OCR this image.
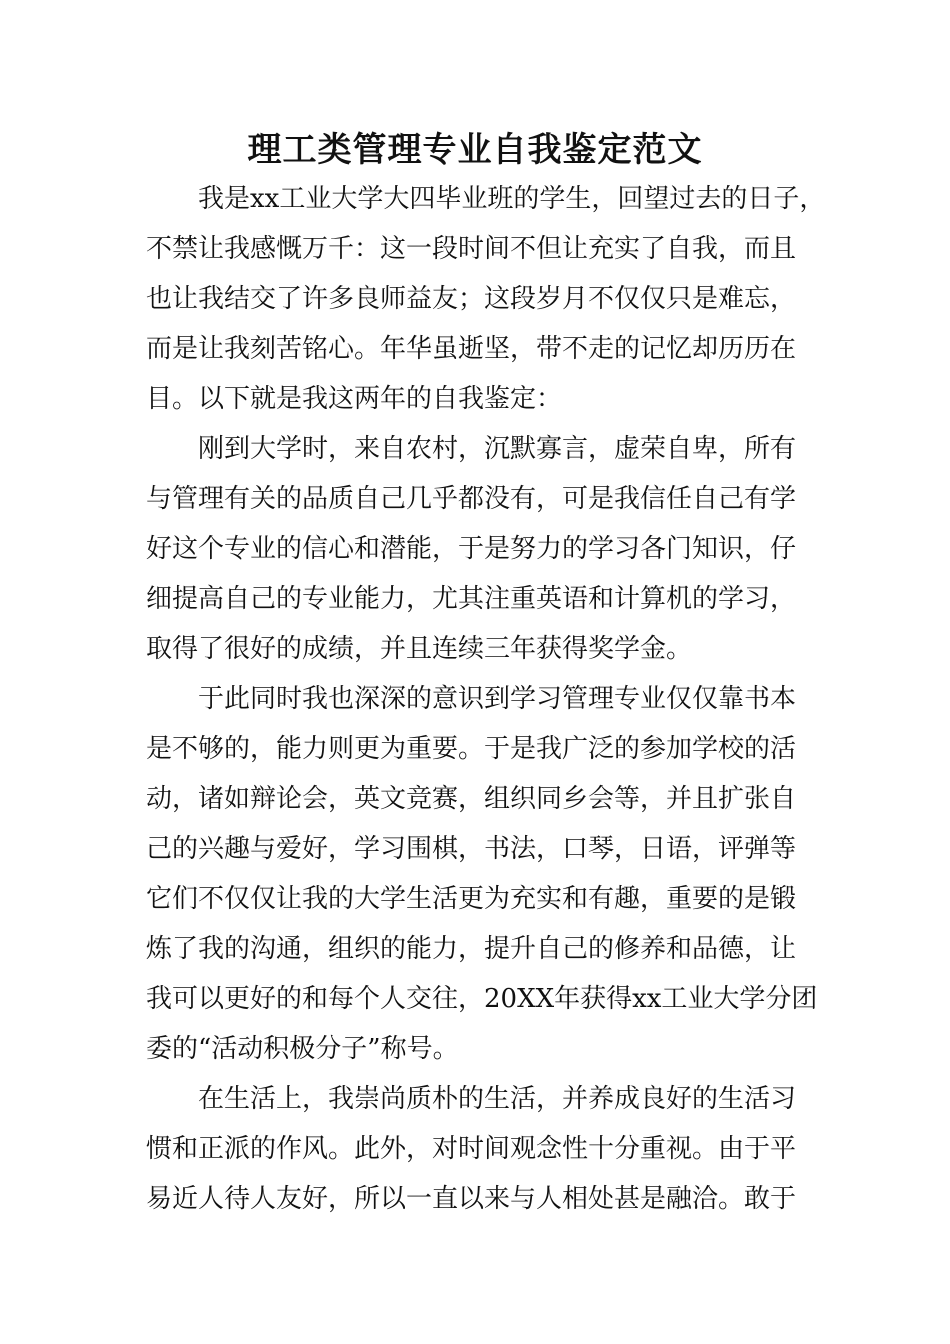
理工类管理专业自我鉴定范文
我是xx工业大学大四毕业班的学生，回望过去的日子，
不禁让我感慨万千：这一段时间不但让充实了自我，而且
也让我结交了许多良师益友；这段岁月不仅仅只是难忘，
而是让我刻苦铭心。年华虽逝坚，带不走的记忆却历历在
目。以下就是我这两年的自我鉴定：
刚到大学时，来自农村，沉默寡言，虚荣自卑，所有
与管理有关的品质自己几乎都没有，可是我信任自己有学
好这个专业的信心和潜能，于是努力的学习各门知识，仔
细提高自己的专业能力，尤其注重英语和计算机的学习，
取得了很好的成绩，并且连续三年获得奖学金。
于此同时我也深深的意识到学习管理专业仅仅靠书本
是不够的，能力则更为重要。于是我广泛的参加学校的活
动，诸如辩论会，英文竞赛，组织同乡会等，并且扩张自
己的兴趣与爱好，学习围棋，书法，口琴，日语，评弹等
它们不仅仅让我的大学生活更为充实和有趣，重要的是锻
炼了我的沟通，组织的能力，提升自己的修养和品德，让
我可以更好的和每个人交往，20XX年获得xx工业大学分团
委的“活动积极分子”称号。
在生活上，我崇尚质朴的生活，并养成良好的生活习
惯和正派的作风。此外，对时间观念性十分重视。由于平
易近人待人友好，所以一直以来与人相处甚是融洽。敢于
